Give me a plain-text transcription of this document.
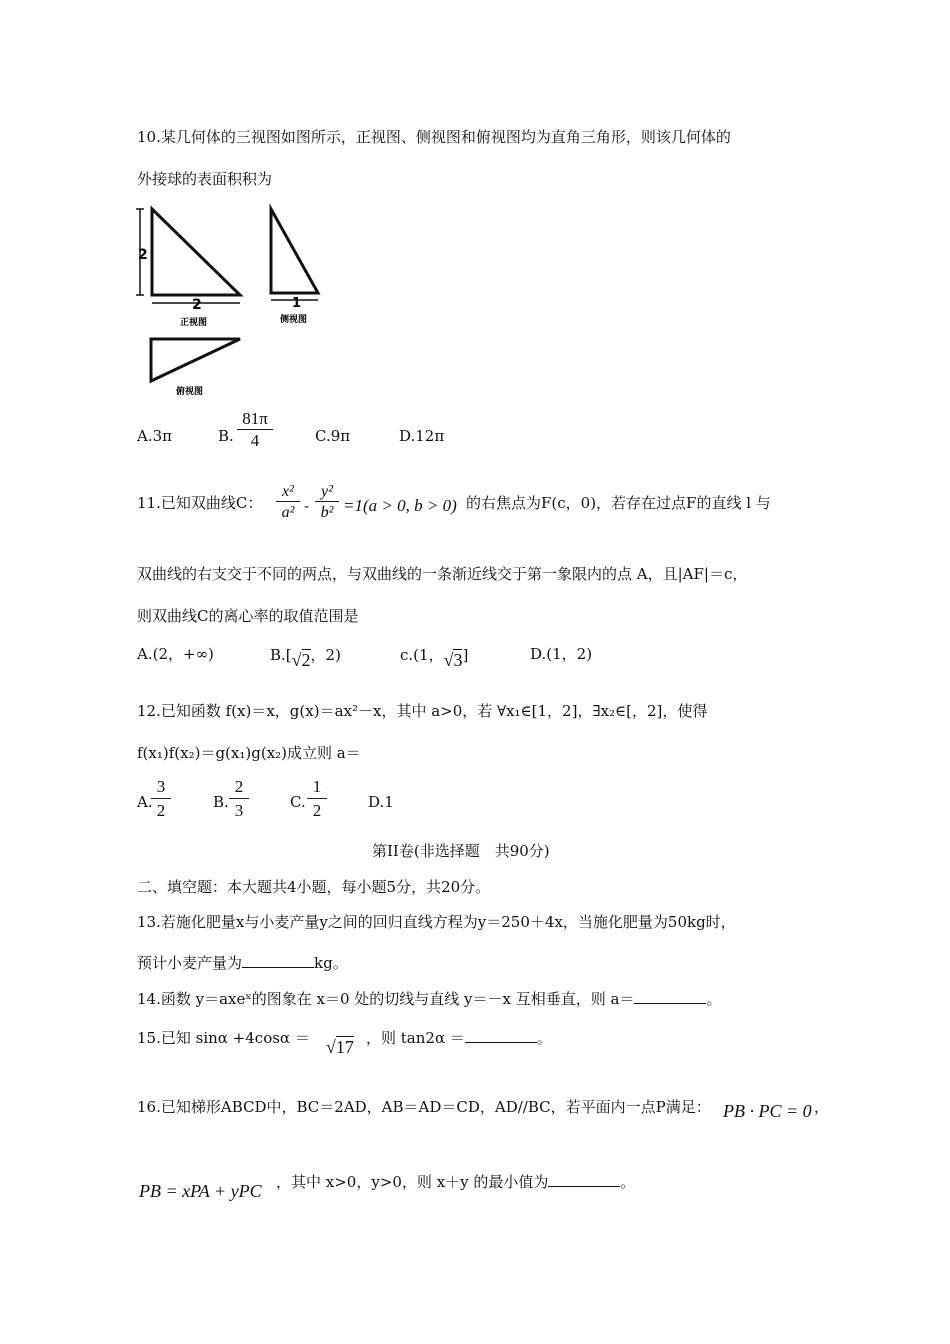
10.某几何体的三视图如图所示，正视图、侧视图和俯视图均为直角三角形，则该几何体的
外接球的表面积积为
2
2
正视图
1
侧视图
俯视图
A.3π	B. $\frac{81\pi}{4}$	C.9π	D.12π
11.已知双曲线C： $\frac{\text{x²}}{\text{a²}} - \frac{\text{y²}}{\text{b²}} =1(a > 0$, b > 0) 的右焦点为F(c，0)，若存在过点F的直线 l 与
双曲线的右支交于不同的两点，与双曲线的一条渐近线交于第一象限内的点 A，且|AF|＝c，
则双曲线C的离心率的取值范围是
A.(2，+∞)	B.[√2，2)	c.(1，√3]	D.(1，2)
12.已知函数 f(x)＝x，g(x)＝ax²－x，其中 a>0，若 ∀x₁∈[1，2]，∃x₂∈[，2]，使得
f(x₁)f(x₂)＝g(x₁)g(x₂)成立则 a＝
A.
$\frac{3}{2}$	B. $\frac{2}{3}$	C. $\frac{1}{2}$	D.1
第II卷(非选择题　共90分)
二、填空题：本大题共4小题，每小题5分，共20分。
13.若施化肥量x与小麦产量y之间的回归直线方程为y＝250＋4x，当施化肥量为50kg时，
预计小麦产量为	kg。
14.函数 y＝axeˣ的图象在 x＝0 处的切线与直线 y＝－x 互相垂直，则 a＝	。
15.已知 sinα +4cosα ＝ √17 ，则 tan2α ＝	。
16.已知梯形ABCD中，BC＝2AD，AB＝AD＝CD，AD//BC，若平面内一点P满足： PB · PC = 0 ，
PB = xPA + yPC ，其中 x>0，y>0，则 x＋y 的最小值为	。
